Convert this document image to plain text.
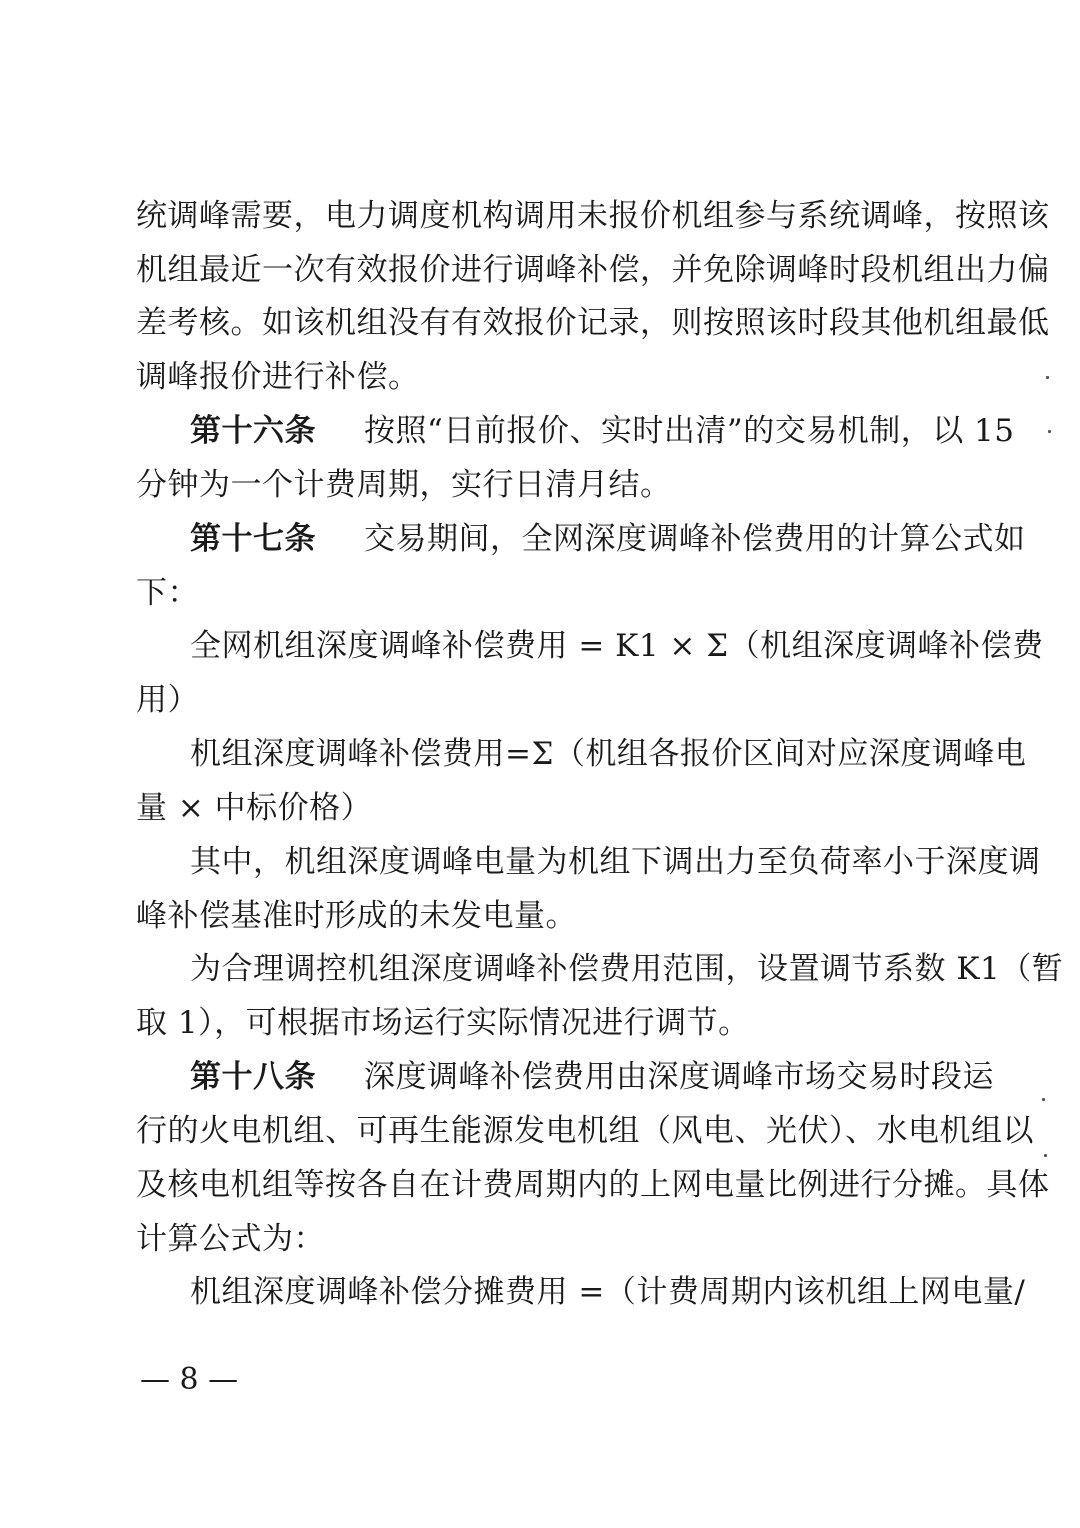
统调峰需要，电力调度机构调用未报价机组参与系统调峰，按照该
机组最近一次有效报价进行调峰补偿，并免除调峰时段机组出力偏
差考核。如该机组没有有效报价记录，则按照该时段其他机组最低
调峰报价进行补偿。
第十六条 按照“日前报价、实时出清”的交易机制，以 15
分钟为一个计费周期，实行日清月结。
第十七条 交易期间，全网深度调峰补偿费用的计算公式如
下：
全网机组深度调峰补偿费用 = K1 × Σ（机组深度调峰补偿费
用）
机组深度调峰补偿费用=Σ（机组各报价区间对应深度调峰电
量 × 中标价格）
其中，机组深度调峰电量为机组下调出力至负荷率小于深度调
峰补偿基准时形成的未发电量。
为合理调控机组深度调峰补偿费用范围，设置调节系数 K1（暂
取 1），可根据市场运行实际情况进行调节。
第十八条 深度调峰补偿费用由深度调峰市场交易时段运
行的火电机组、可再生能源发电机组（风电、光伏）、水电机组以
及核电机组等按各自在计费周期内的上网电量比例进行分摊。具体
计算公式为：
机组深度调峰补偿分摊费用 =（计费周期内该机组上网电量/
— 8 —
